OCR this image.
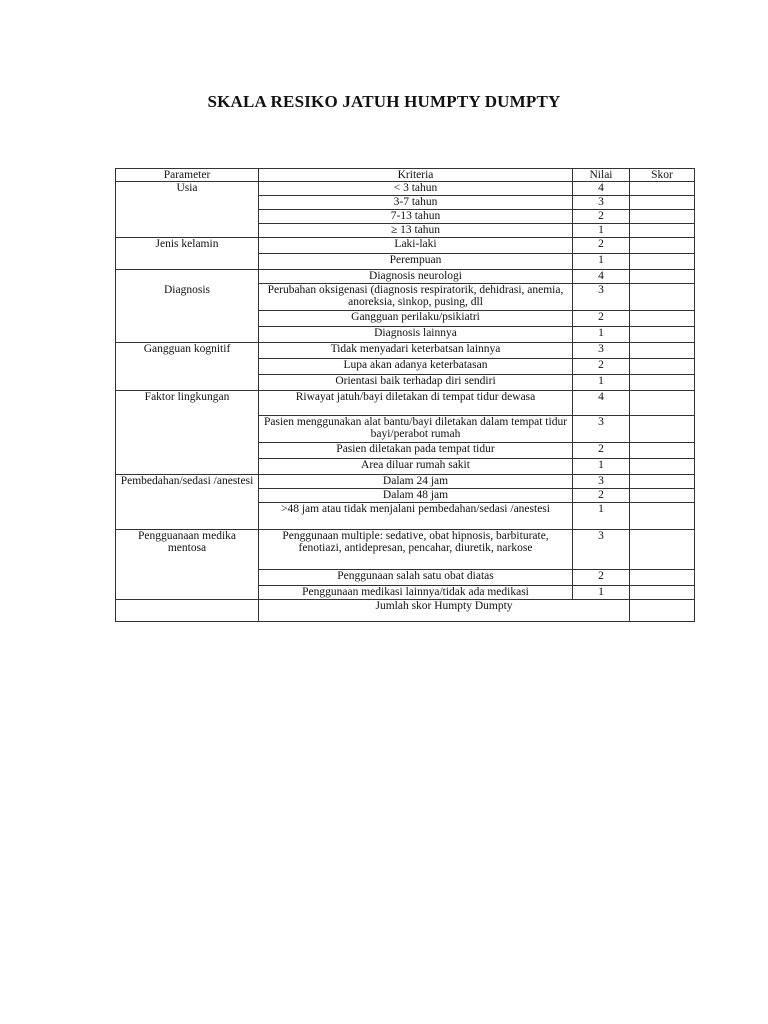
SKALA RESIKO JATUH HUMPTY DUMPTY
Parameter	Kriteria	Nilai	Skor
Usia	< 3 tahun	4	
	3-7 tahun	3	
	7-13 tahun	2	
	≥ 13 tahun	1	
Jenis kelamin	Laki-laki	2	
	Perempuan	1	
Diagnosis	Diagnosis neurologi	4	
	Perubahan oksigenasi (diagnosis respiratorik, dehidrasi, anemia, anoreksia, sinkop, pusing, dll	3	
	Gangguan perilaku/psikiatri	2	
	Diagnosis lainnya	1	
Gangguan kognitif	Tidak menyadari keterbatsan lainnya	3	
	Lupa akan adanya keterbatasan	2	
	Orientasi baik terhadap diri sendiri	1	
Faktor lingkungan	Riwayat jatuh/bayi diletakan di tempat tidur dewasa	4	
	Pasien menggunakan alat bantu/bayi diletakan dalam tempat tidur bayi/perabot rumah	3	
	Pasien diletakan pada tempat tidur	2	
	Area diluar rumah sakit	1	
Pembedahan/sedasi /anestesi	Dalam 24 jam	3	
	Dalam 48 jam	2	
	>48 jam atau tidak menjalani pembedahan/sedasi /anestesi	1	
Pengguanaan medika mentosa	Penggunaan multiple: sedative, obat hipnosis, barbiturate, fenotiazi, antidepresan, pencahar, diuretik, narkose	3	
	Penggunaan salah satu obat diatas	2	
	Penggunaan medikasi lainnya/tidak ada medikasi	1	
	Jumlah skor Humpty Dumpty		
